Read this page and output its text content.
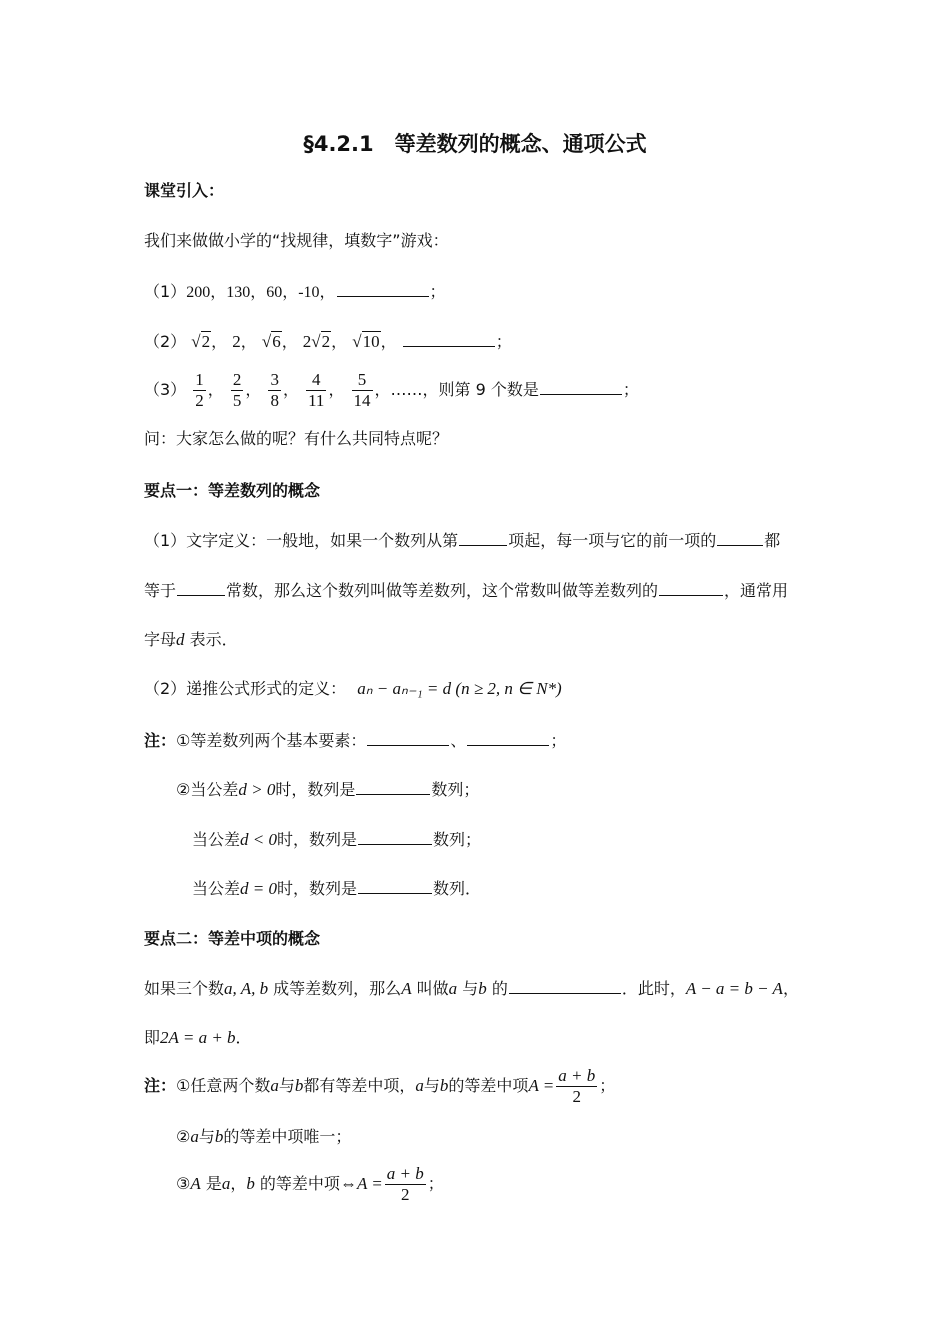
§4.2.1　等差数列的概念、通项公式
课堂引入：
我们来做做小学的“找规律，填数字”游戏：
（1）200，130，60，-10，	；
（2） √2， 2， √6， 2√2， √10，	；
$(3) \frac{1}{2}$ ， $\frac{2}{5}$ ， $\frac{3}{8}$ ， $\frac{4}{11}$ ， $\frac{5}{14}$ ，……，则第 9 个数是	；
问：大家怎么做的呢？有什么共同特点呢？
要点一：等差数列的概念
（1）文字定义：一般地，如果一个数列从第	项起，每一项与它的前一项的	都
等于	常数，那么这个数列叫做等差数列，这个常数叫做等差数列的	，通常用
字母d 表示．
（2）递推公式形式的定义： aₙ − aₙ₋₁ = d (n ≥ 2, n ∈ N*)
注：①等差数列两个基本要素：	、	；
②当公差d > 0时，数列是	数列；
当公差d < 0时，数列是	数列；
当公差d = 0时，数列是	数列．
要点二：等差中项的概念
如果三个数a, A, b 成等差数列，那么A 叫做a 与b 的	．此时，A − a = b − A，
即2A = a + b．
注：①任意两个数a与b都有等差中项，a与b的等差中项$A = \frac{a + b}{2}$ ；
②a与b的等差中项唯一；
③A 是a，b 的等差中项⇔A = $\frac{a + b}{2}$ ；
